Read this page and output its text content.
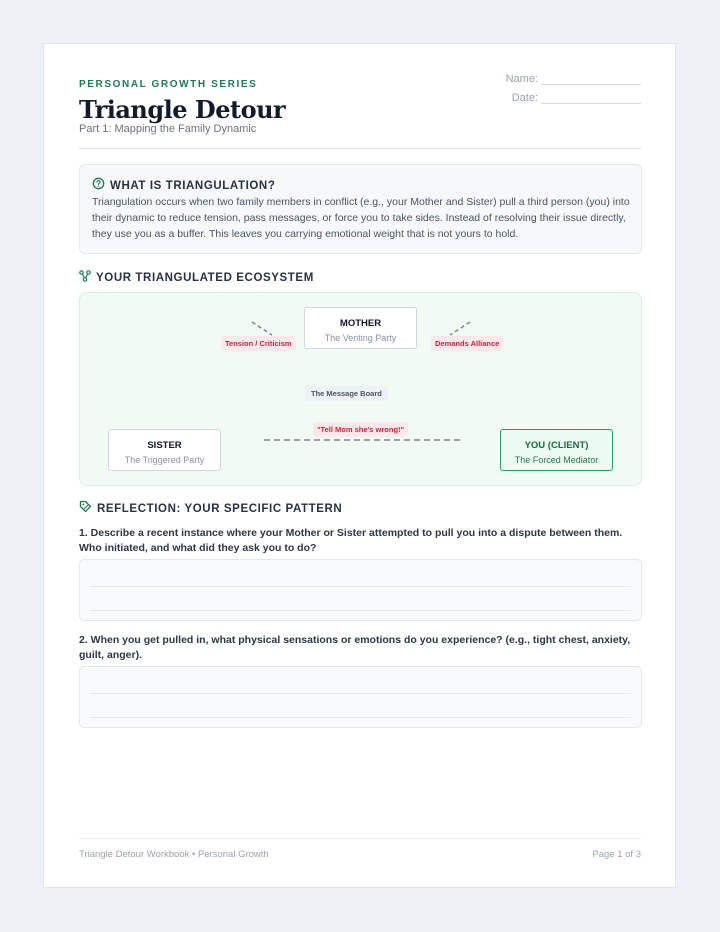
PERSONAL GROWTH SERIES
Triangle Detour
Part 1: Mapping the Family Dynamic
Name:
Date:
WHAT IS TRIANGULATION?
Triangulation occurs when two family members in conflict (e.g., your Mother and Sister) pull a third person (you) into their dynamic to reduce tension, pass messages, or force you to take sides. Instead of resolving their issue directly, they use you as a buffer. This leaves you carrying emotional weight that is not yours to hold.
YOUR TRIANGULATED ECOSYSTEM
MOTHER
The Venting Party
Tension / Criticism	Demands Alliance
The Message Board
"Tell Mom she's wrong!"
SISTER
The Triggered Party
YOU (CLIENT)
The Forced Mediator
REFLECTION: YOUR SPECIFIC PATTERN
1. Describe a recent instance where your Mother or Sister attempted to pull you into a dispute between them. Who initiated, and what did they ask you to do?
2. When you get pulled in, what physical sensations or emotions do you experience? (e.g., tight chest, anxiety, guilt, anger).
Triangle Detour Workbook • Personal Growth	Page 1 of 3
